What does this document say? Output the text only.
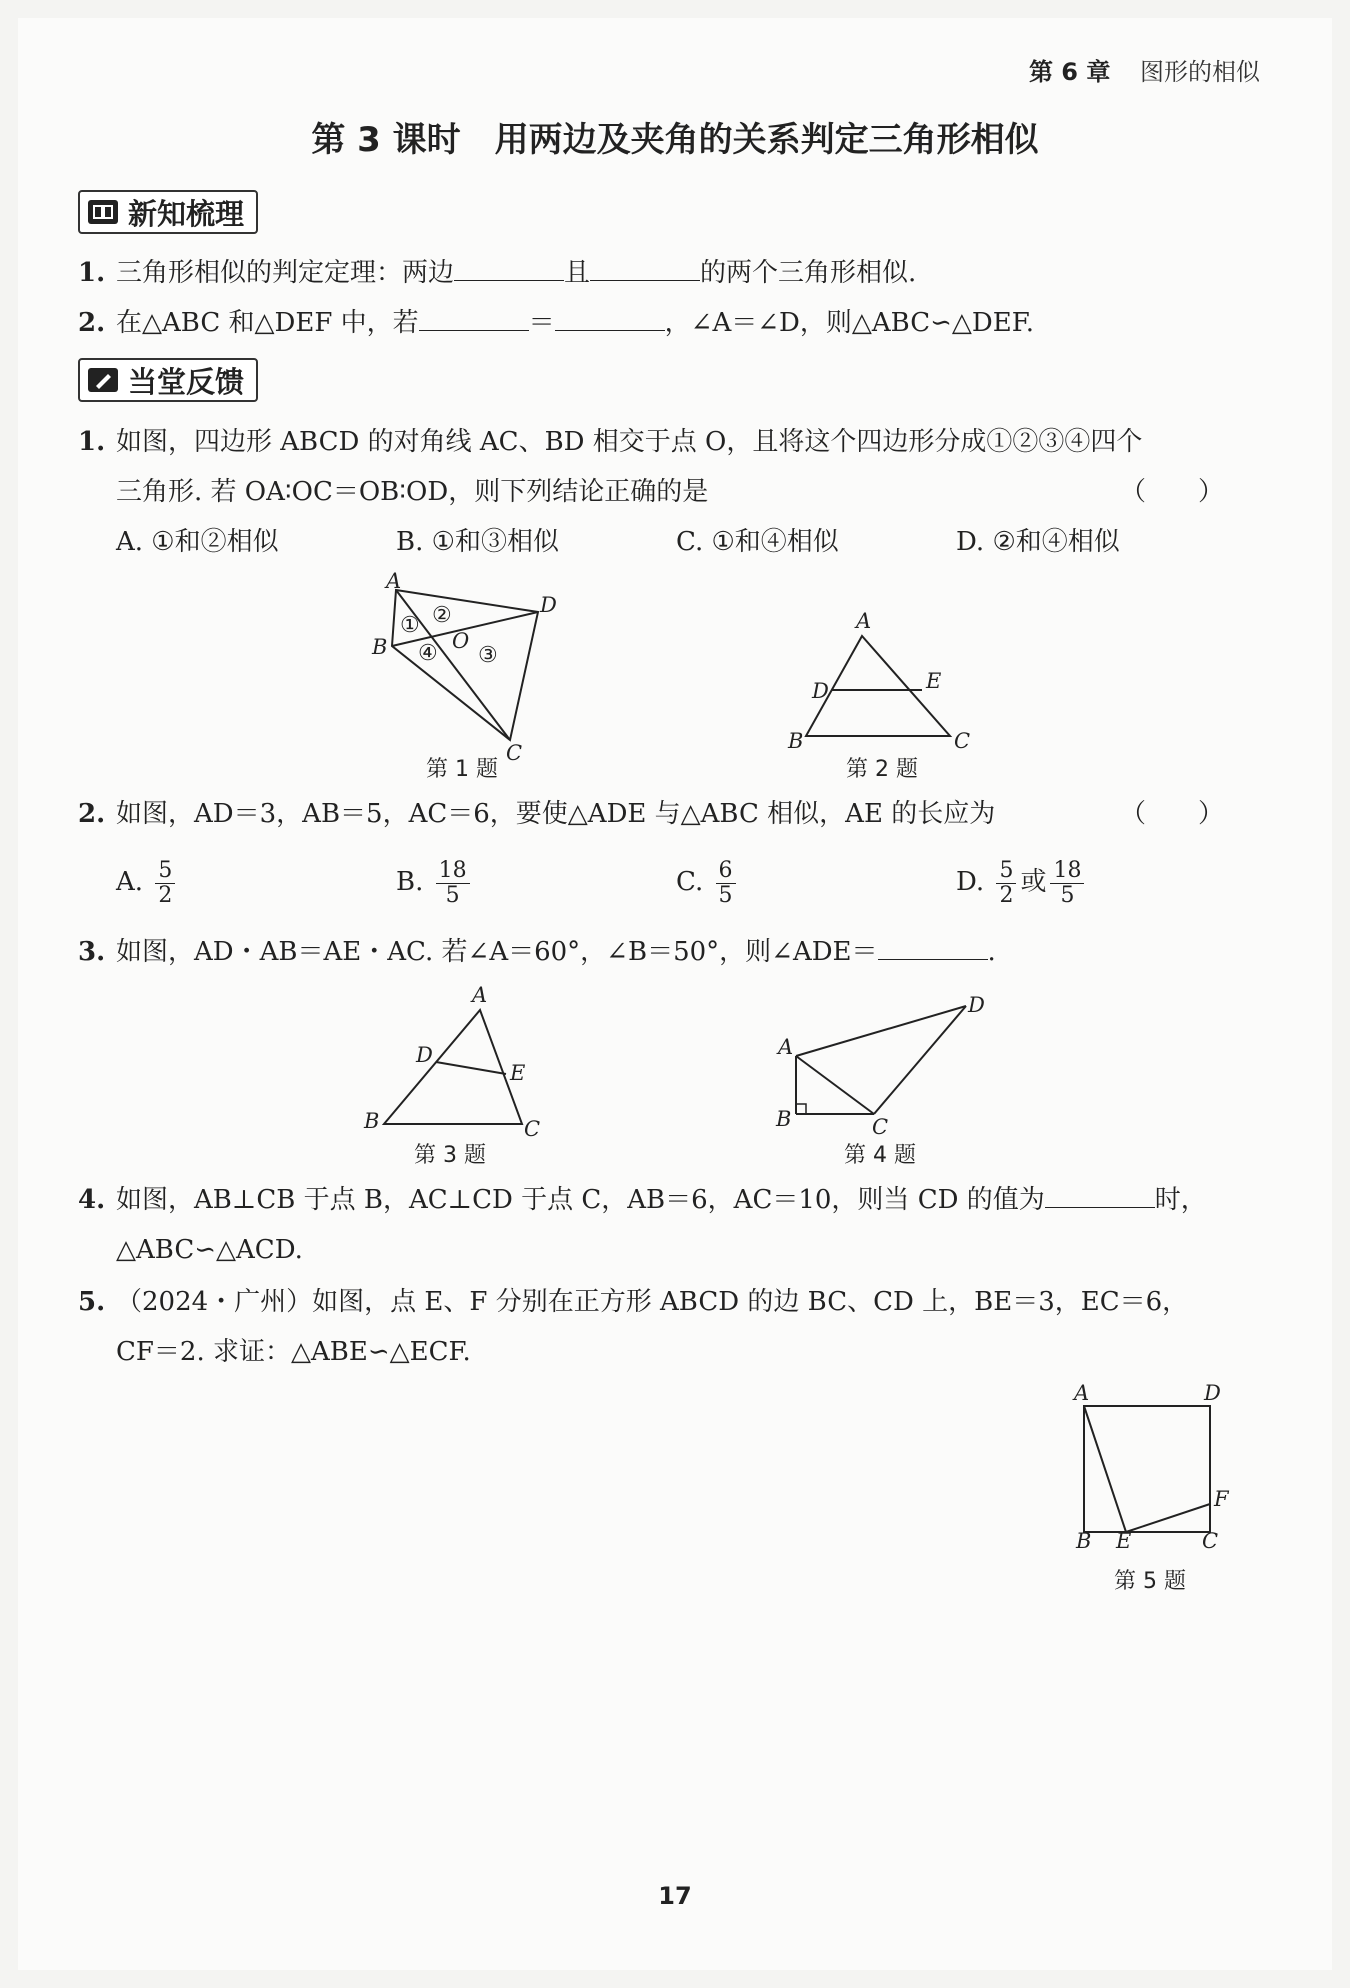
第 6 章 图形的相似
第 3 课时　用两边及夹角的关系判定三角形相似
新知梳理
1. 三角形相似的判定定理：两边	且	的两个三角形相似.
2. 在△ABC 和△DEF 中，若	＝	，∠A＝∠D，则△ABC∽△DEF.
当堂反馈
1. 如图，四边形 ABCD 的对角线 AC、BD 相交于点 O，且将这个四边形分成①②③④四个
三角形. 若 OA∶OC＝OB∶OD，则下列结论正确的是	（　　）
A. ①和②相似	B. ①和③相似	C. ①和④相似	D. ②和④相似
A
B
C
D
O
① ②
③
④
第 1 题
A
B	C
D	E
第 2 题
2. 如图，AD＝3，AB＝5，AC＝6，要使△ADE 与△ABC 相似，AE 的长应为	（　　）
A. $\frac{5}{2}$	B. $\frac{18}{5}$	C. $\frac{6}{5}$	D. $\frac{5}{2}$ 或 $\frac{18}{5}$
3. 如图，AD・AB＝AE・AC. 若∠A＝60°，∠B＝50°，则∠ADE＝	.
A
B	C
D
E
第 3 题
A
B	C
D
第 4 题
4. 如图，AB⊥CB 于点 B，AC⊥CD 于点 C，AB＝6，AC＝10，则当 CD 的值为	时，
△ABC∽△ACD.
5. （2024・广州）如图，点 E、F 分别在正方形 ABCD 的边 BC、CD 上，BE＝3，EC＝6，
CF＝2. 求证：△ABE∽△ECF.
A
B	C
D
E
F
第 5 题
17
